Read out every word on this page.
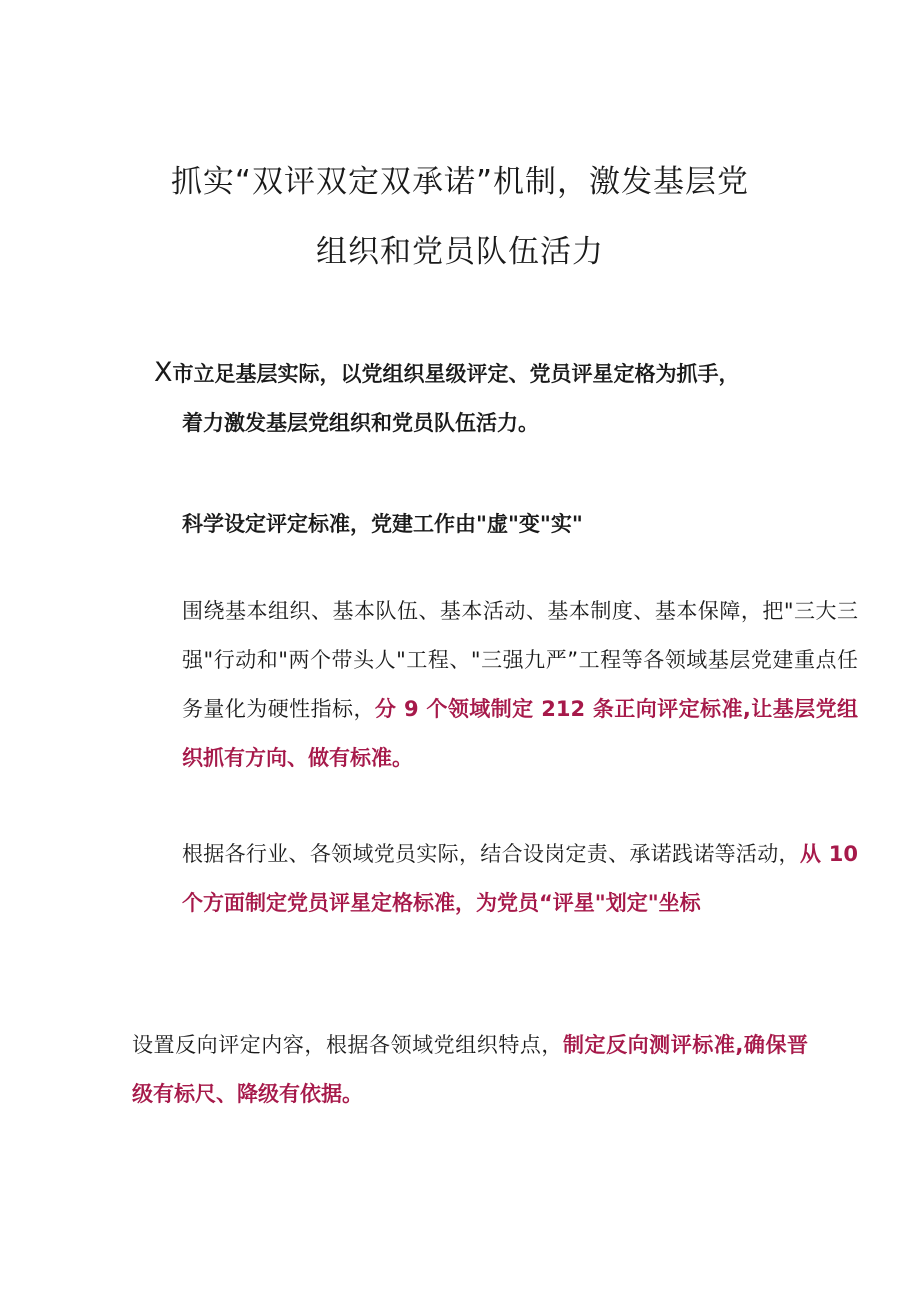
抓实“双评双定双承诺”机制，激发基层党
组织和党员队伍活力
X市立足基层实际，以党组织星级评定、党员评星定格为抓手，
着力激发基层党组织和党员队伍活力。
科学设定评定标准，党建工作由"虚"变"实"
围绕基本组织、基本队伍、基本活动、基本制度、基本保障，把"三大三强"行动和"两个带头人"工程、"三强九严”工程等各领域基层党建重点任务量化为硬性指标，分 9 个领域制定 212 条正向评定标准,让基层党组织抓有方向、做有标准。
根据各行业、各领域党员实际，结合设岗定责、承诺践诺等活动，从 10 个方面制定党员评星定格标准，为党员“评星"划定"坐标
设置反向评定内容，根据各领域党组织特点，制定反向测评标准,确保晋级有标尺、降级有依据。
